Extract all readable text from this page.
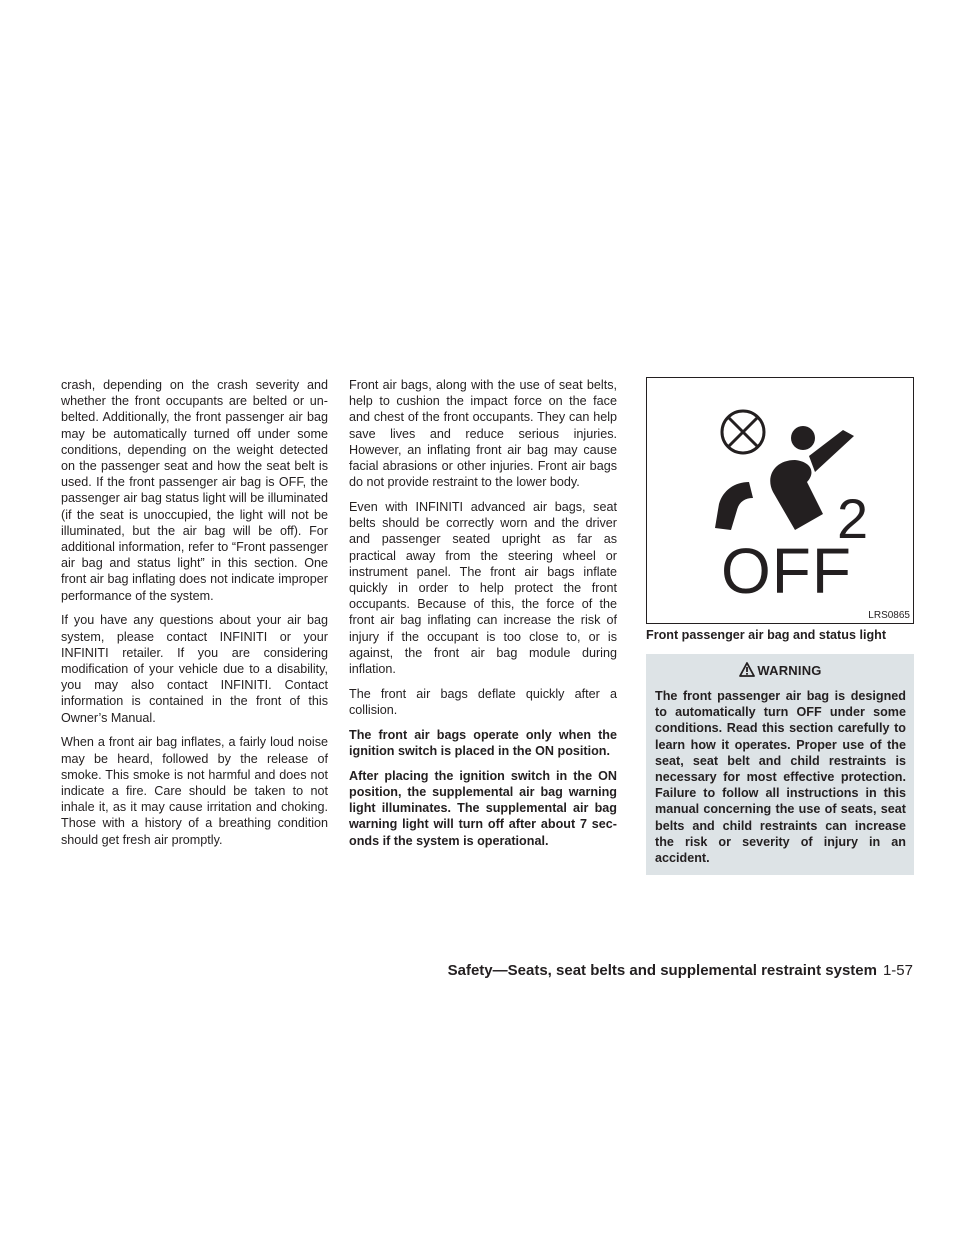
crash, depending on the crash severity and whether the front occupants are belted or unbelted. Additionally, the front passenger air bag may be automatically turned off under some conditions, depending on the weight detected on the passenger seat and how the seat belt is used. If the front passenger air bag is OFF, the passenger air bag status light will be illuminated (if the seat is unoccupied, the light will not be illuminated, but the air bag will be off). For additional information, refer to “Front passenger air bag and status light” in this section. One front air bag inflating does not indicate improper performance of the system.

If you have any questions about your air bag system, please contact INFINITI or your INFINITI retailer. If you are considering modification of your vehicle due to a disability, you may also contact INFINITI. Contact information is contained in the front of this Owner’s Manual.

When a front air bag inflates, a fairly loud noise may be heard, followed by the release of smoke. This smoke is not harmful and does not indicate a fire. Care should be taken to not inhale it, as it may cause irritation and choking. Those with a history of a breathing condition should get fresh air promptly.

Front air bags, along with the use of seat belts, help to cushion the impact force on the face and chest of the front occupants. They can help save lives and reduce serious injuries. However, an inflating front air bag may cause facial abrasions or other injuries. Front air bags do not provide restraint to the lower body.

Even with INFINITI advanced air bags, seat belts should be correctly worn and the driver and passenger seated upright as far as practical away from the steering wheel or instrument panel. The front air bags inflate quickly in order to help protect the front occupants. Because of this, the force of the front air bag inflating can increase the risk of injury if the occupant is too close to, or is against, the front air bag module during inflation.

The front air bags deflate quickly after a collision.

The front air bags operate only when the ignition switch is placed in the ON position.

After placing the ignition switch in the ON position, the supplemental air bag warning light illuminates. The supplemental air bag warning light will turn off after about 7 seconds if the system is operational.

2
OFF
LRS0865
Front passenger air bag and status light
WARNING
The front passenger air bag is designed to automatically turn OFF under some conditions. Read this section carefully to learn how it operates. Proper use of the seat, seat belt and child restraints is necessary for most effective protection. Failure to follow all instructions in this manual concerning the use of seats, seat belts and child restraints can increase the risk or severity of injury in an accident.
Safety—Seats, seat belts and supplemental restraint system 1-57
